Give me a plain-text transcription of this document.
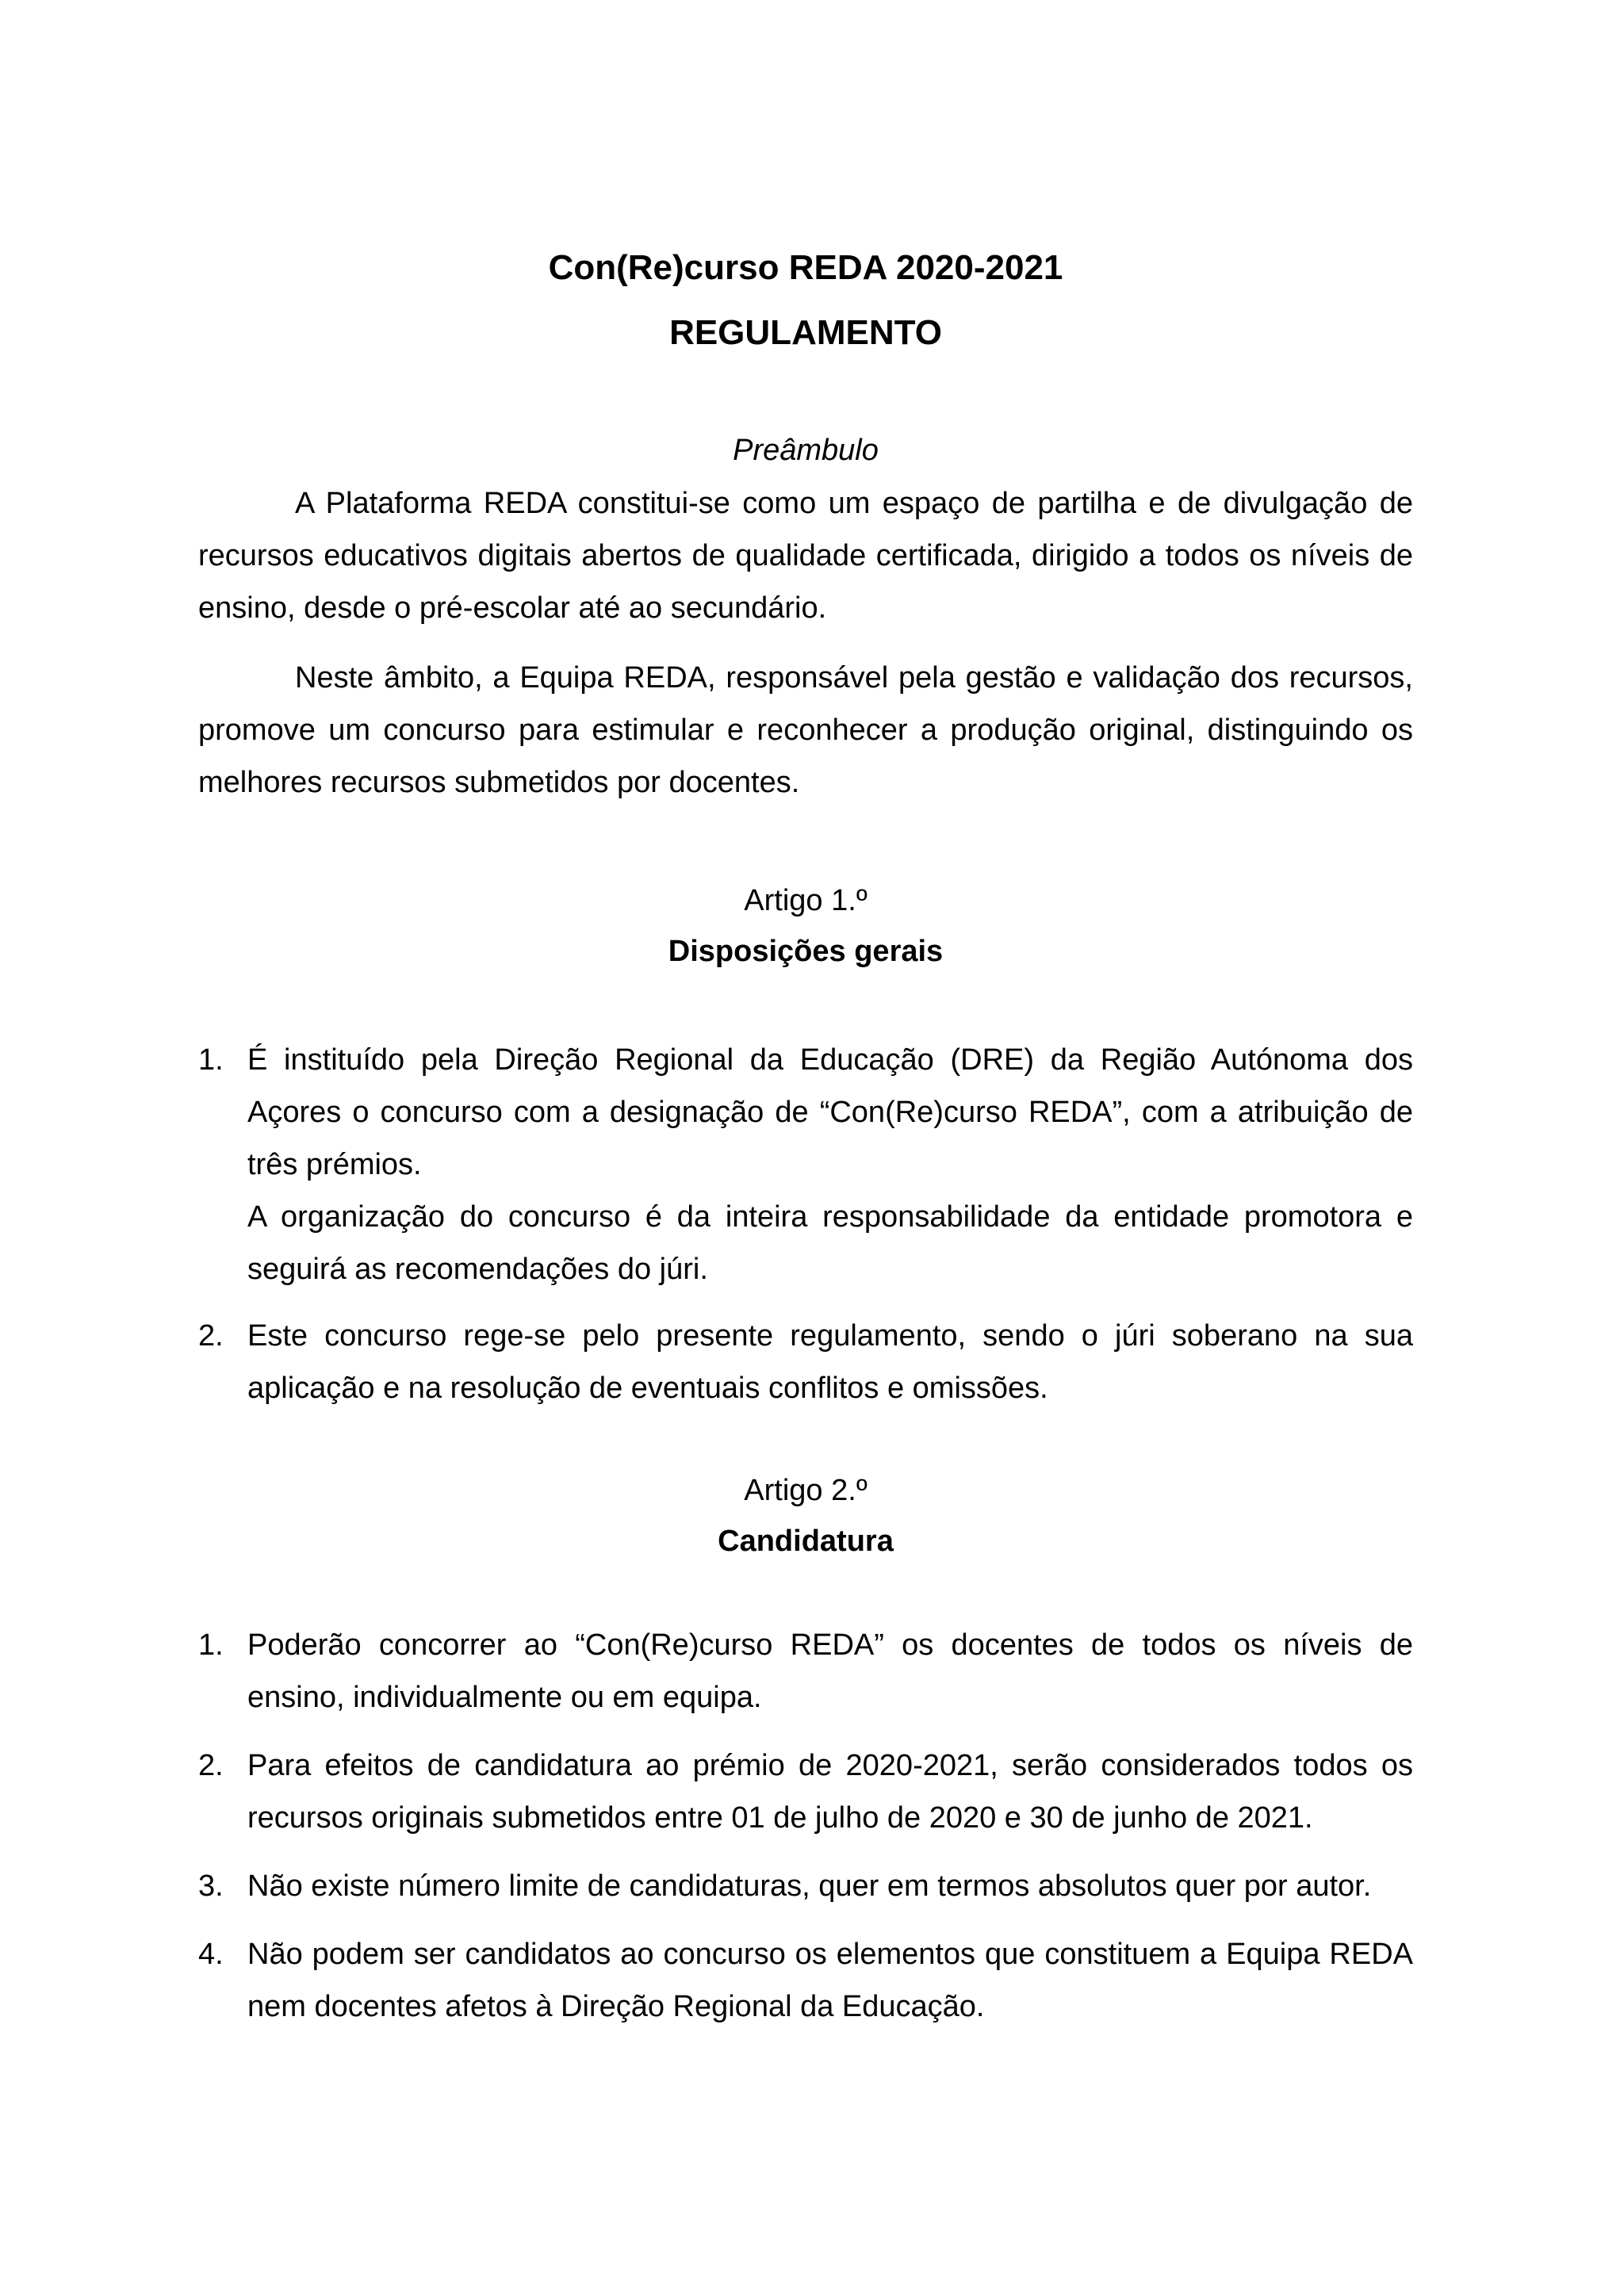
Con(Re)curso REDA 2020-2021
REGULAMENTO

Preâmbulo

A Plataforma REDA constitui-se como um espaço de partilha e de divulgação de recursos educativos digitais abertos de qualidade certificada, dirigido a todos os níveis de ensino, desde o pré-escolar até ao secundário.

Neste âmbito, a Equipa REDA, responsável pela gestão e validação dos recursos, promove um concurso para estimular e reconhecer a produção original, distinguindo os melhores recursos submetidos por docentes.

Artigo 1.º

Disposições gerais

1. É instituído pela Direção Regional da Educação (DRE) da Região Autónoma dos Açores o concurso com a designação de “Con(Re)curso REDA”, com a atribuição de três prémios.
A organização do concurso é da inteira responsabilidade da entidade promotora e seguirá as recomendações do júri.
2. Este concurso rege-se pelo presente regulamento, sendo o júri soberano na sua aplicação e na resolução de eventuais conflitos e omissões.

Artigo 2.º

Candidatura

1. Poderão concorrer ao “Con(Re)curso REDA” os docentes de todos os níveis de ensino, individualmente ou em equipa.
2. Para efeitos de candidatura ao prémio de 2020-2021, serão considerados todos os recursos originais submetidos entre 01 de julho de 2020 e 30 de junho de 2021.
3. Não existe número limite de candidaturas, quer em termos absolutos quer por autor.
4. Não podem ser candidatos ao concurso os elementos que constituem a Equipa REDA nem docentes afetos à Direção Regional da Educação.
